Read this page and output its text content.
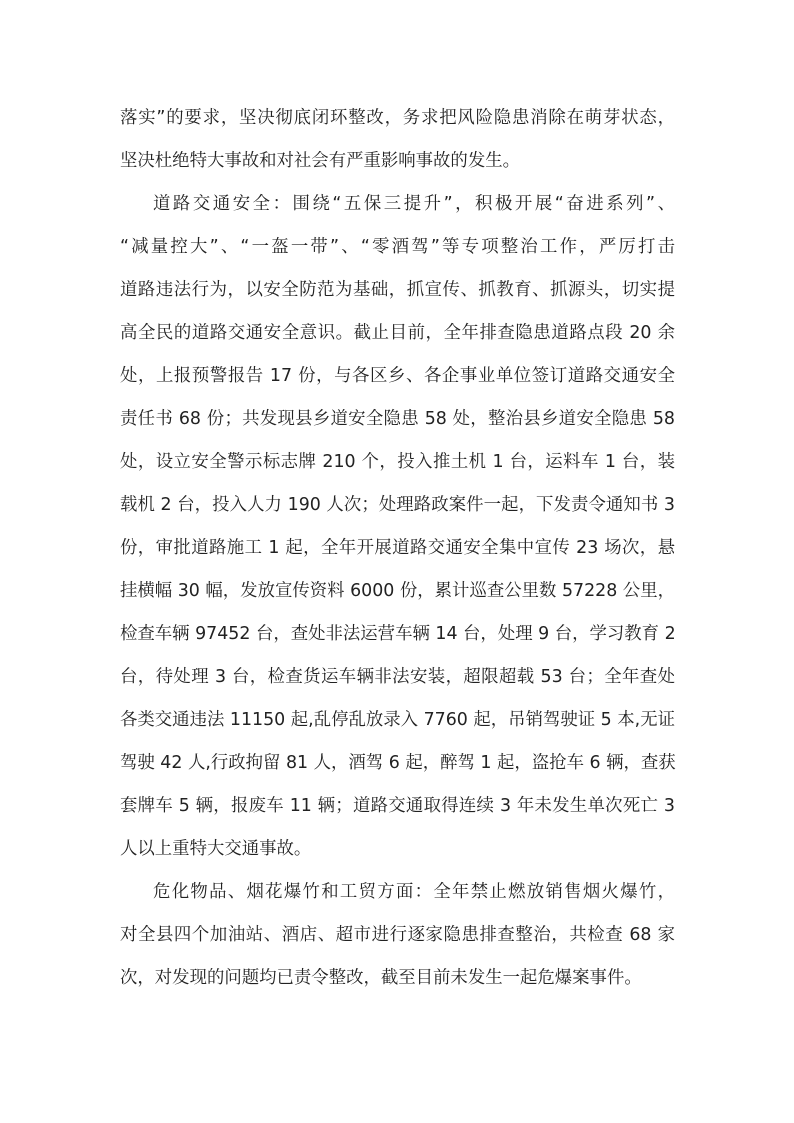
落实”的要求，坚决彻底闭环整改，务求把风险隐患消除在萌芽状态，
坚决杜绝特大事故和对社会有严重影响事故的发生。
道路交通安全：围绕“五保三提升”，积极开展“奋进系列”、
“减量控大”、“一盔一带”、“零酒驾”等专项整治工作，严厉打击
道路违法行为，以安全防范为基础，抓宣传、抓教育、抓源头，切实提
高全民的道路交通安全意识。截止目前，全年排查隐患道路点段 20 余
处，上报预警报告 17 份，与各区乡、各企事业单位签订道路交通安全
责任书 68 份；共发现县乡道安全隐患 58 处，整治县乡道安全隐患 58
处，设立安全警示标志牌 210 个，投入推土机 1 台，运料车 1 台，装
载机 2 台，投入人力 190 人次；处理路政案件一起，下发责令通知书 3
份，审批道路施工 1 起，全年开展道路交通安全集中宣传 23 场次，悬
挂横幅 30 幅，发放宣传资料 6000 份，累计巡查公里数 57228 公里，
检查车辆 97452 台，查处非法运营车辆 14 台，处理 9 台，学习教育 2
台，待处理 3 台，检查货运车辆非法安装，超限超载 53 台；全年查处
各类交通违法 11150 起,乱停乱放录入 7760 起，吊销驾驶证 5 本,无证
驾驶 42 人,行政拘留 81 人，酒驾 6 起，醉驾 1 起，盗抢车 6 辆，查获
套牌车 5 辆，报废车 11 辆；道路交通取得连续 3 年未发生单次死亡 3
人以上重特大交通事故。
危化物品、烟花爆竹和工贸方面：全年禁止燃放销售烟火爆竹，
对全县四个加油站、酒店、超市进行逐家隐患排查整治，共检查 68 家
次，对发现的问题均已责令整改，截至目前未发生一起危爆案事件。
